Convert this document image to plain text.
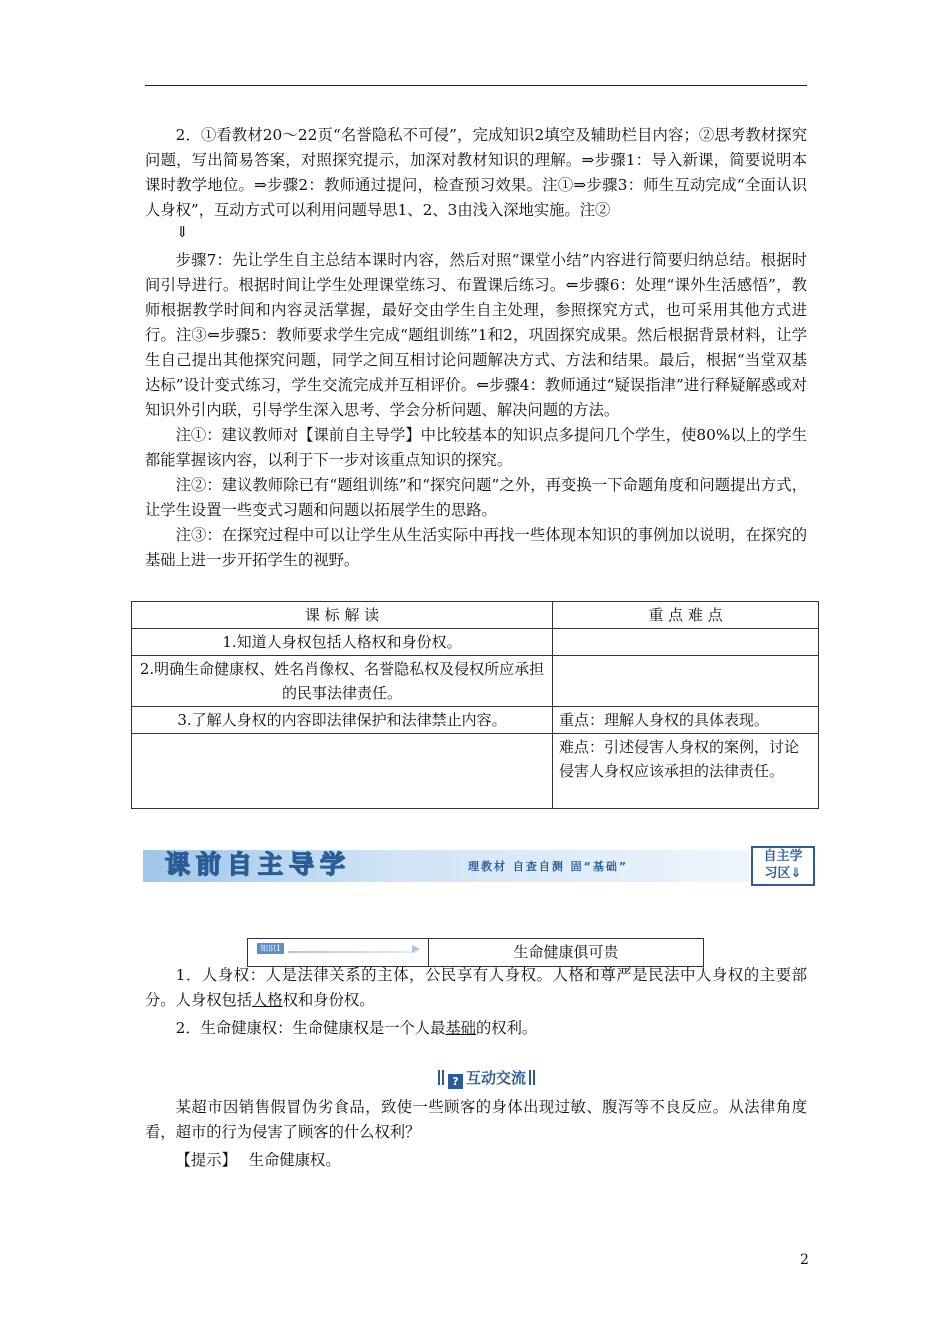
2．①看教材20～22页“名誉隐私不可侵”，完成知识2填空及辅助栏目内容；②思考教材探究问题，写出简易答案，对照探究提示，加深对教材知识的理解。⇒步骤1：导入新课，简要说明本课时教学地位。⇒步骤2：教师通过提问，检查预习效果。注①⇒步骤3：师生互动完成“全面认识人身权”，互动方式可以利用问题导思1、2、3由浅入深地实施。注②

⇓

步骤7：先让学生自主总结本课时内容，然后对照“课堂小结”内容进行简要归纳总结。根据时间引导进行。根据时间让学生处理课堂练习、布置课后练习。⇐步骤6：处理“课外生活感悟”，教师根据教学时间和内容灵活掌握，最好交由学生自主处理，参照探究方式，也可采用其他方式进行。注③⇐步骤5：教师要求学生完成“题组训练”1和2，巩固探究成果。然后根据背景材料，让学生自己提出其他探究问题，同学之间互相讨论问题解决方式、方法和结果。最后，根据“当堂双基达标”设计变式练习，学生交流完成并互相评价。⇐步骤4：教师通过“疑误指津”进行释疑解惑或对知识外引内联，引导学生深入思考、学会分析问题、解决问题的方法。

注①：建议教师对【课前自主导学】中比较基本的知识点多提问几个学生，使80%以上的学生都能掌握该内容，以利于下一步对该重点知识的探究。

注②：建议教师除已有“题组训练”和“探究问题”之外，再变换一下命题角度和问题提出方式，让学生设置一些变式习题和问题以拓展学生的思路。

注③：在探究过程中可以让学生从生活实际中再找一些体现本知识的事例加以说明，在探究的基础上进一步开拓学生的视野。

课 标 解 读	重 点 难 点
1.知道人身权包括人格权和身份权。	
2.明确生命健康权、姓名肖像权、名誉隐私权及侵权所应承担的民事法律责任。	
3.了解人身权的内容即法律保护和法律禁止内容。	重点：理解人身权的具体表现。
	难点：引述侵害人身权的案例，讨论侵害人身权应该承担的法律责任。
课前自主导学	理教材 自查自测 固“基础”
自主学
习区⇓
知识1	生命健康俱可贵

1．人身权：人是法律关系的主体，公民享有人身权。人格和尊严是民法中人身权的主要部分。人身权包括人格权和身份权。

2．生命健康权：生命健康权是一个人最基础的权利。

? 互动交流

某超市因销售假冒伪劣食品，致使一些顾客的身体出现过敏、腹泻等不良反应。从法律角度看，超市的行为侵害了顾客的什么权利？

【提示】 生命健康权。

2
